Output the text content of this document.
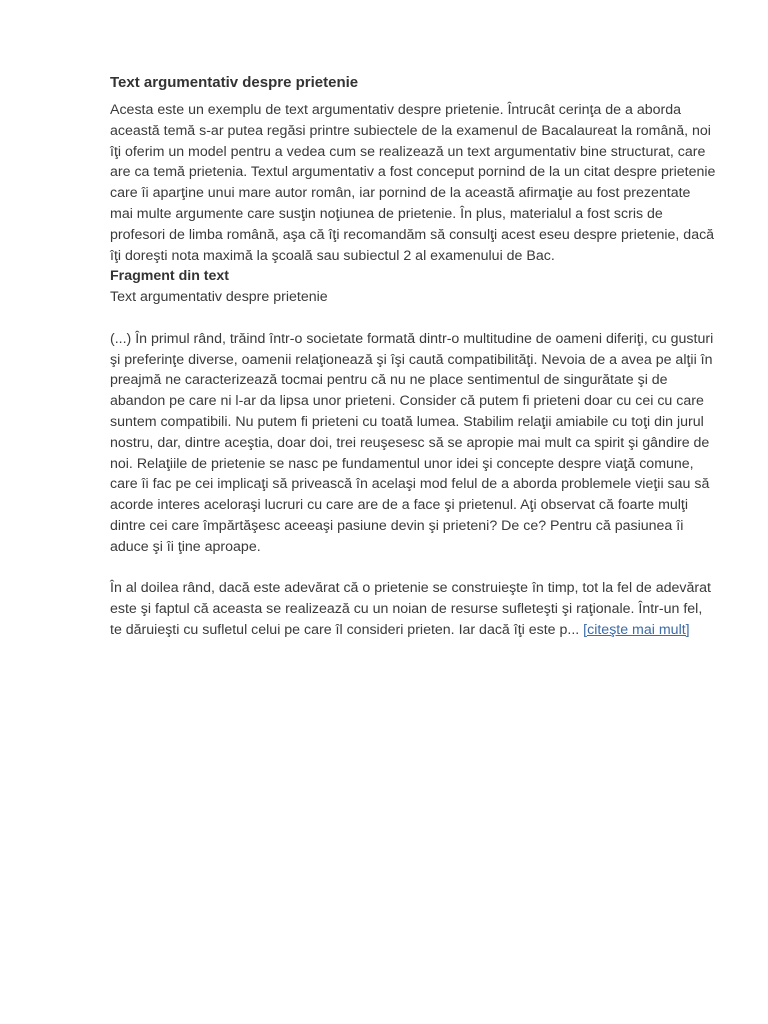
Text argumentativ despre prietenie

Acesta este un exemplu de text argumentativ despre prietenie. Întrucât cerinţa de a aborda această temă s-ar putea regăsi printre subiectele de la examenul de Bacalaureat la română, noi îţi oferim un model pentru a vedea cum se realizează un text argumentativ bine structurat, care are ca temă prietenia. Textul argumentativ a fost conceput pornind de la un citat despre prietenie care îi aparţine unui mare autor român, iar pornind de la această afirmaţie au fost prezentate mai multe argumente care susţin noţiunea de prietenie. În plus, materialul a fost scris de profesori de limba română, aşa că îţi recomandăm să consulţi acest eseu despre prietenie, dacă îţi doreşti nota maximă la şcoală sau subiectul 2 al examenului de Bac.

Fragment din text

Text argumentativ despre prietenie

(...) În primul rând, trăind într-o societate formată dintr-o multitudine de oameni diferiţi, cu gusturi şi preferinţe diverse, oamenii relaţionează şi îşi caută compatibilităţi. Nevoia de a avea pe alţii în preajmă ne caracterizează tocmai pentru că nu ne place sentimentul de singurătate şi de abandon pe care ni l-ar da lipsa unor prieteni. Consider că putem fi prieteni doar cu cei cu care suntem compatibili. Nu putem fi prieteni cu toată lumea. Stabilim relaţii amiabile cu toţi din jurul nostru, dar, dintre aceştia, doar doi, trei reuşesesc să se apropie mai mult ca spirit şi gândire de noi. Relaţiile de prietenie se nasc pe fundamentul unor idei şi concepte despre viaţă comune, care îi fac pe cei implicaţi să privească în acelaşi mod felul de a aborda problemele vieţii sau să acorde interes aceloraşi lucruri cu care are de a face şi prietenul. Aţi observat că foarte mulţi dintre cei care împărtăşesc aceeaşi pasiune devin şi prieteni? De ce? Pentru că pasiunea îi aduce şi îi ţine aproape.

În al doilea rând, dacă este adevărat că o prietenie se construieşte în timp, tot la fel de adevărat este şi faptul că aceasta se realizează cu un noian de resurse sufleteşti şi raţionale. Într-un fel, te dăruieşti cu sufletul celui pe care îl consideri prieten. Iar dacă îţi este p... [citeşte mai mult]
